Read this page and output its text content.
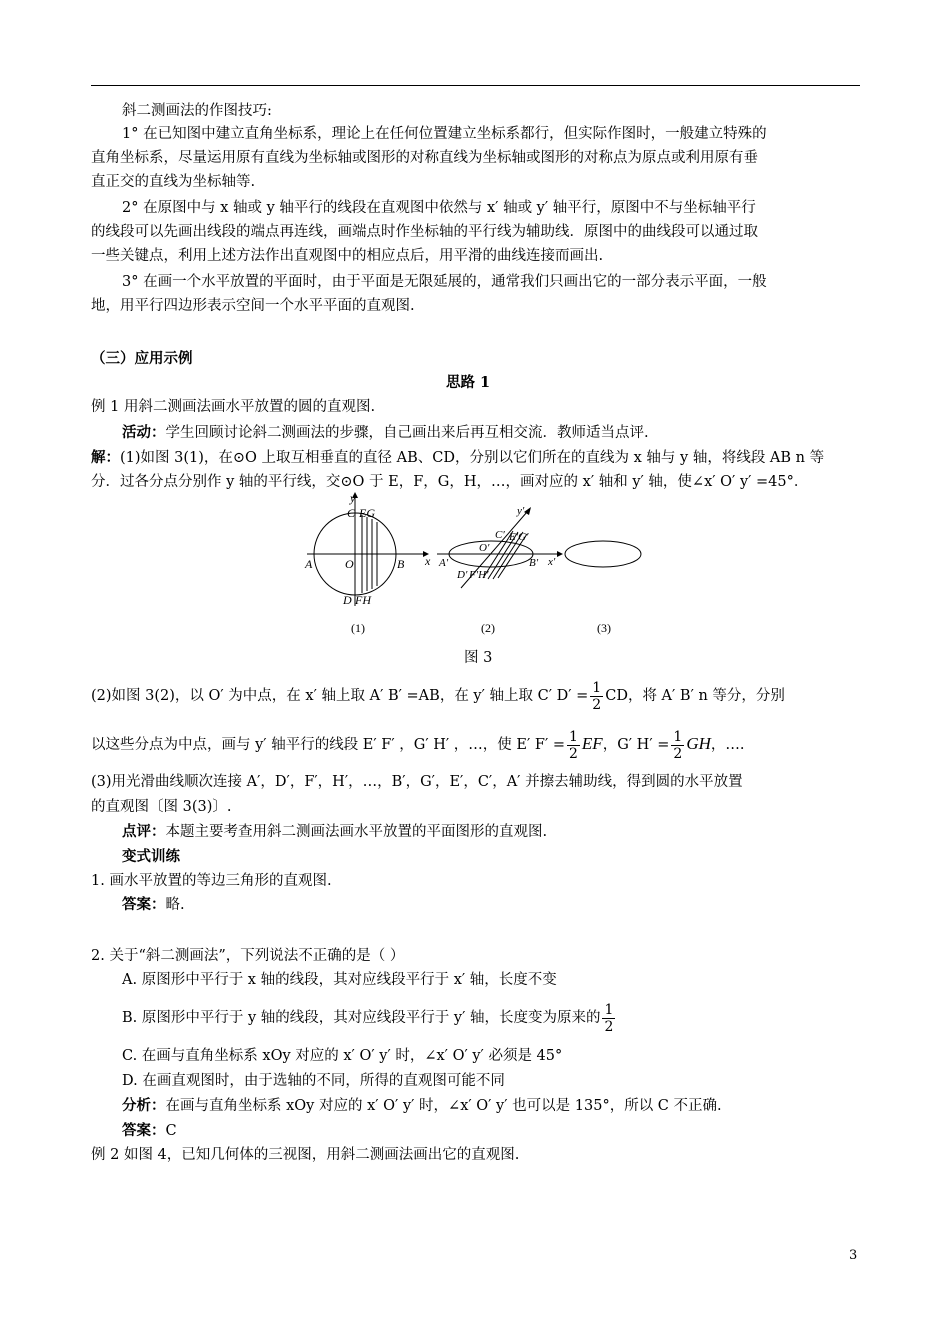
斜二测画法的作图技巧:
1° 在已知图中建立直角坐标系，理论上在任何位置建立坐标系都行，但实际作图时，一般建立特殊的
直角坐标系，尽量运用原有直线为坐标轴或图形的对称直线为坐标轴或图形的对称点为原点或利用原有垂
直正交的直线为坐标轴等.
2° 在原图中与 x 轴或 y 轴平行的线段在直观图中依然与 x′ 轴或 y′ 轴平行，原图中不与坐标轴平行
的线段可以先画出线段的端点再连线，画端点时作坐标轴的平行线为辅助线．原图中的曲线段可以通过取
一些关键点，利用上述方法作出直观图中的相应点后，用平滑的曲线连接而画出.
3° 在画一个水平放置的平面时，由于平面是无限延展的，通常我们只画出它的一部分表示平面，一般
地，用平行四边形表示空间一个水平平面的直观图.
（三）应用示例
思路 1
例 1 用斜二测画法画水平放置的圆的直观图.
活动：学生回顾讨论斜二测画法的步骤，自己画出来后再互相交流．教师适当点评.
解：(1)如图 3(1)，在⊙O 上取互相垂直的直径 AB、CD，分别以它们所在的直线为 x 轴与 y 轴，将线段 AB n 等
分．过各分点分别作 y 轴的平行线，交⊙O 于 E，F，G，H，…，画对应的 x′ 轴和 y′ 轴，使∠x′ O′ y′ =45°．
C EG
A	O	B x
y
D FH
(1)
y′
C′ E′G′
O′
A′	B′ x′
D′ F′H′
(2)	(3)
图 3
(2)如图 3(2)，以 O′ 为中点，在 x′ 轴上取 A′ B′ =AB，在 y′ 轴上取 C′ $D' = \frac{1}{2}$ CD，将 A′ B′ n 等分，分别
以这些分点为中点，画与 y′ 轴平行的线段 E′ F′ ，G′ H′ ，…，使 E′ $F' = \frac{1}{2}$ EF，G′ $H' = \frac{1}{2}$ GH，….
(3)用光滑曲线顺次连接 A′，D′，F′，H′，…，B′，G′，E′，C′，A′ 并擦去辅助线，得到圆的水平放置
的直观图〔图 3(3)〕.
点评：本题主要考查用斜二测画法画水平放置的平面图形的直观图.
变式训练
1. 画水平放置的等边三角形的直观图.
答案：略.
2. 关于“斜二测画法”，下列说法不正确的是（ ）
A. 原图形中平行于 x 轴的线段，其对应线段平行于 x′ 轴，长度不变
B. 原图形中平行于 y 轴的线段，其对应线段平行于 y′ 轴，长度变为原来的 $\frac{1}{2}$
C. 在画与直角坐标系 xOy 对应的 x′ O′ y′ 时，∠x′ O′ y′ 必须是 45°
D. 在画直观图时，由于选轴的不同，所得的直观图可能不同
分析：在画与直角坐标系 xOy 对应的 x′ O′ y′ 时，∠x′ O′ y′ 也可以是 135°，所以 C 不正确.
答案：C
例 2 如图 4，已知几何体的三视图，用斜二测画法画出它的直观图.
3
